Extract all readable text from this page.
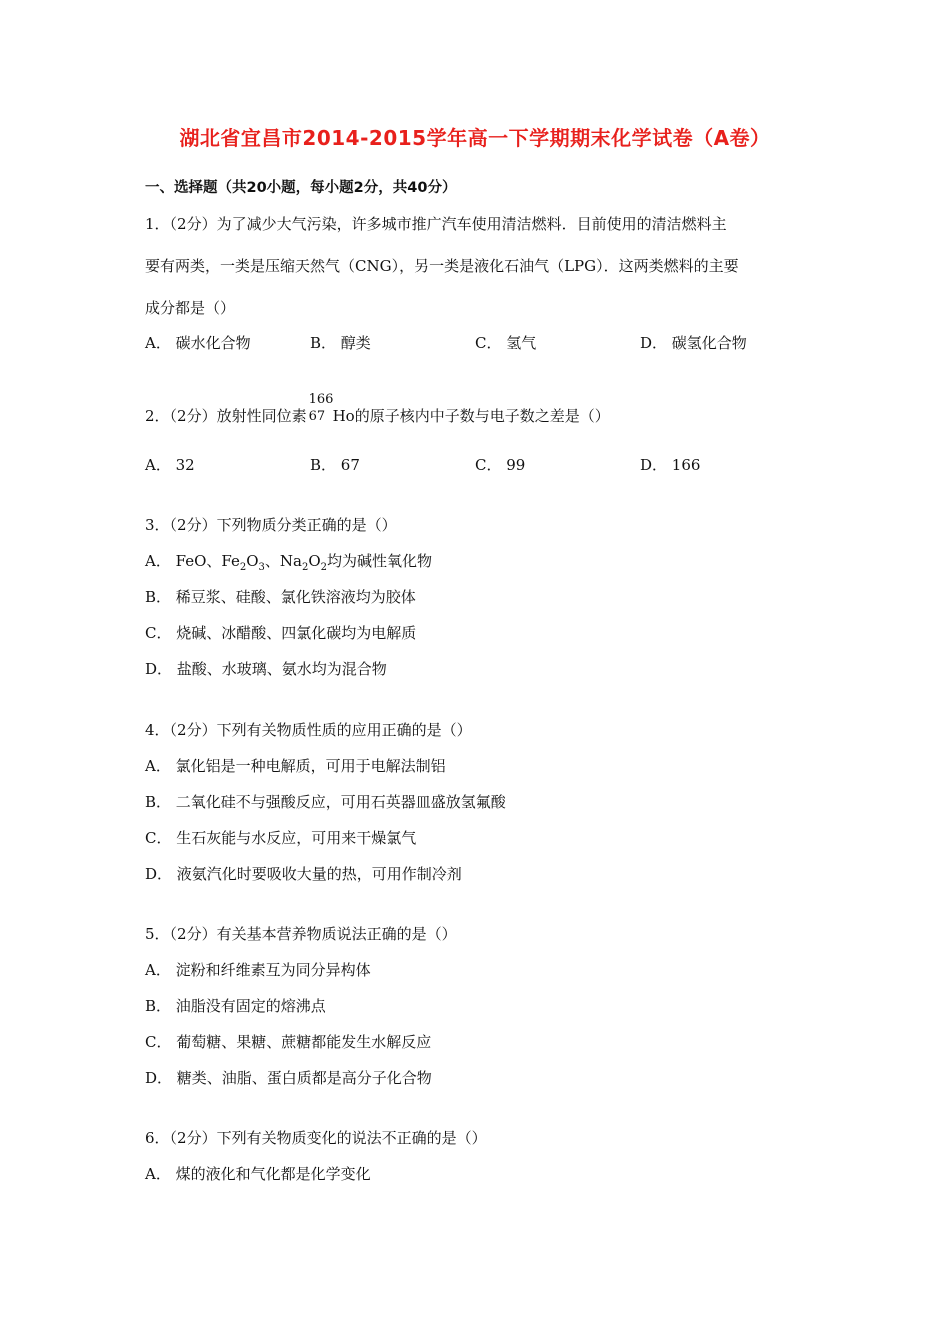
湖北省宜昌市2014-2015学年高一下学期期末化学试卷（A卷）
一、选择题（共20小题，每小题2分，共40分）
1．（2分）为了减少大气污染，许多城市推广汽车使用清洁燃料．目前使用的清洁燃料主
要有两类，一类是压缩天然气（CNG），另一类是液化石油气（LPG）．这两类燃料的主要
成分都是（）
A． 碳水化合物	B． 醇类	C． 氢气	D． 碳氢化合物
2．（2分）放射性同位素
166
67 Ho的原子核内中子数与电子数之差是（）
A． 32	B． 67	C． 99	D． 166
3．（2分）下列物质分类正确的是（）
A． FeO、$Fe_2O_3$、$Na_2O_2$均为碱性氧化物
B． 稀豆浆、硅酸、氯化铁溶液均为胶体
C． 烧碱、冰醋酸、四氯化碳均为电解质
D． 盐酸、水玻璃、氨水均为混合物
4．（2分）下列有关物质性质的应用正确的是（）
A． 氯化铝是一种电解质，可用于电解法制铝
B． 二氧化硅不与强酸反应，可用石英器皿盛放氢氟酸
C． 生石灰能与水反应，可用来干燥氯气
D． 液氨汽化时要吸收大量的热，可用作制冷剂
5．（2分）有关基本营养物质说法正确的是（）
A． 淀粉和纤维素互为同分异构体
B． 油脂没有固定的熔沸点
C． 葡萄糖、果糖、蔗糖都能发生水解反应
D． 糖类、油脂、蛋白质都是高分子化合物
6．（2分）下列有关物质变化的说法不正确的是（）
A． 煤的液化和气化都是化学变化
